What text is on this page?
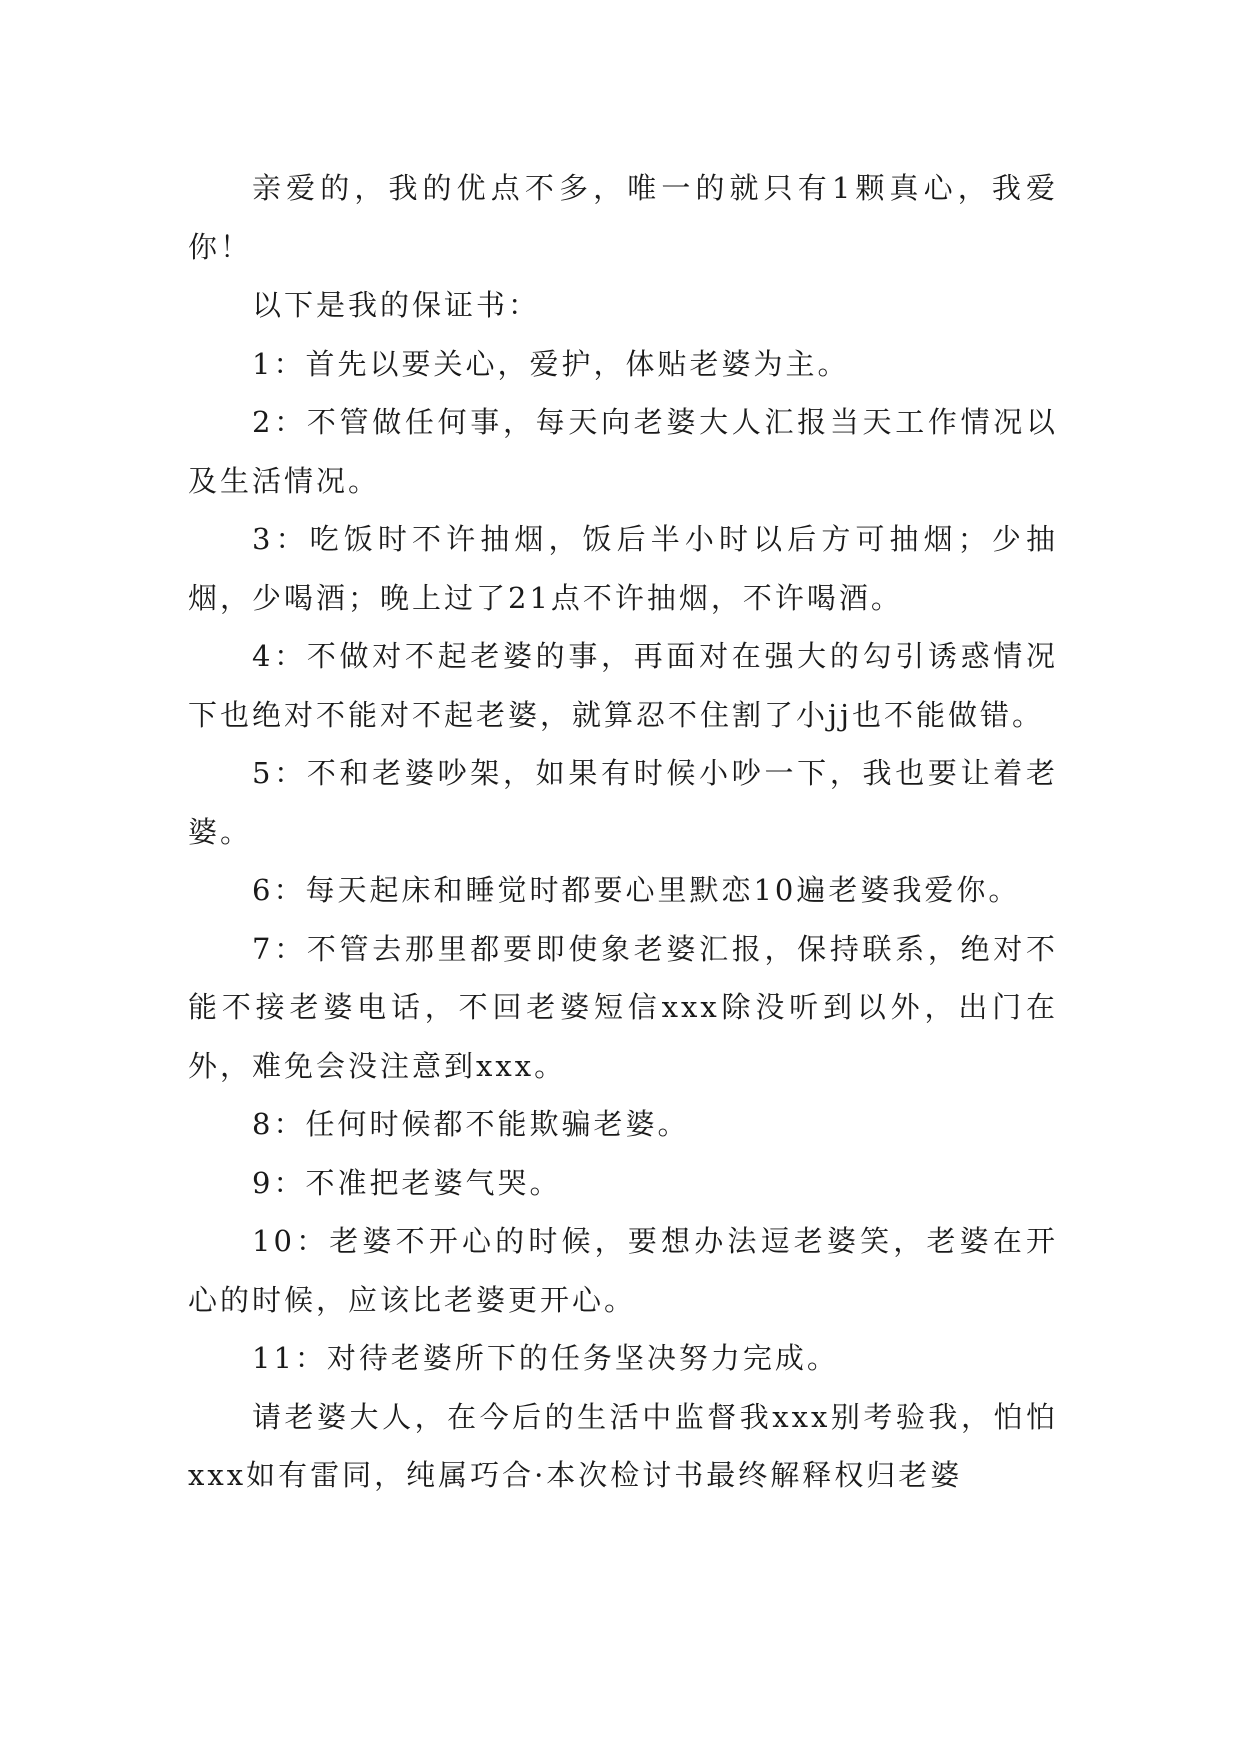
亲爱的，我的优点不多，唯一的就只有1颗真心，我爱你！

以下是我的保证书：

1：首先以要关心，爱护，体贴老婆为主。

2：不管做任何事，每天向老婆大人汇报当天工作情况以及生活情况。

3：吃饭时不许抽烟，饭后半小时以后方可抽烟；少抽烟，少喝酒；晚上过了21点不许抽烟，不许喝酒。

4：不做对不起老婆的事，再面对在强大的勾引诱惑情况下也绝对不能对不起老婆，就算忍不住割了小jj也不能做错。

5：不和老婆吵架，如果有时候小吵一下，我也要让着老婆。

6：每天起床和睡觉时都要心里默恋10遍老婆我爱你。

7：不管去那里都要即使象老婆汇报，保持联系，绝对不能不接老婆电话，不回老婆短信xxx除没听到以外，出门在外，难免会没注意到xxx。

8：任何时候都不能欺骗老婆。

9：不准把老婆气哭。

10：老婆不开心的时候，要想办法逗老婆笑，老婆在开心的时候，应该比老婆更开心。

11：对待老婆所下的任务坚决努力完成。

请老婆大人，在今后的生活中监督我xxx别考验我，怕怕xxx如有雷同，纯属巧合·本次检讨书最终解释权归老婆
